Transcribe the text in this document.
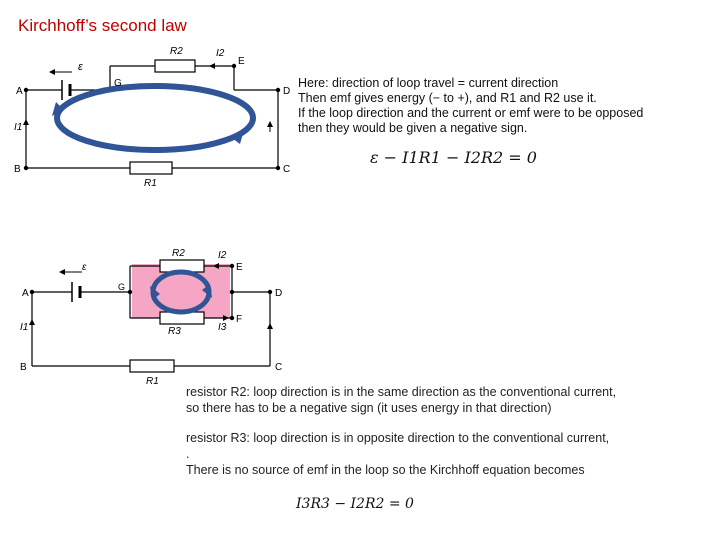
Kirchhoff’s second law
A
B	C
D
E
G
ε
R2
R1
I2
I1
A
B	C
D
E
F
G
ε
R2
R3
R1
I2
I3
I1
Here: direction of loop travel = current direction
Then emf gives energy (− to +), and R1 and R2 use it.
If the loop direction and the current or emf were to be opposed
then they would be given a negative sign.
ε − I1R1 − I2R2 = 0
resistor R2: loop direction is in the same direction as the conventional current,
so there has to be a negative sign (it uses energy in that direction)
resistor R3: loop direction is in opposite direction to the conventional current,
.
There is no source of emf in the loop so the Kirchhoff equation becomes
I3R3 − I2R2 = 0
